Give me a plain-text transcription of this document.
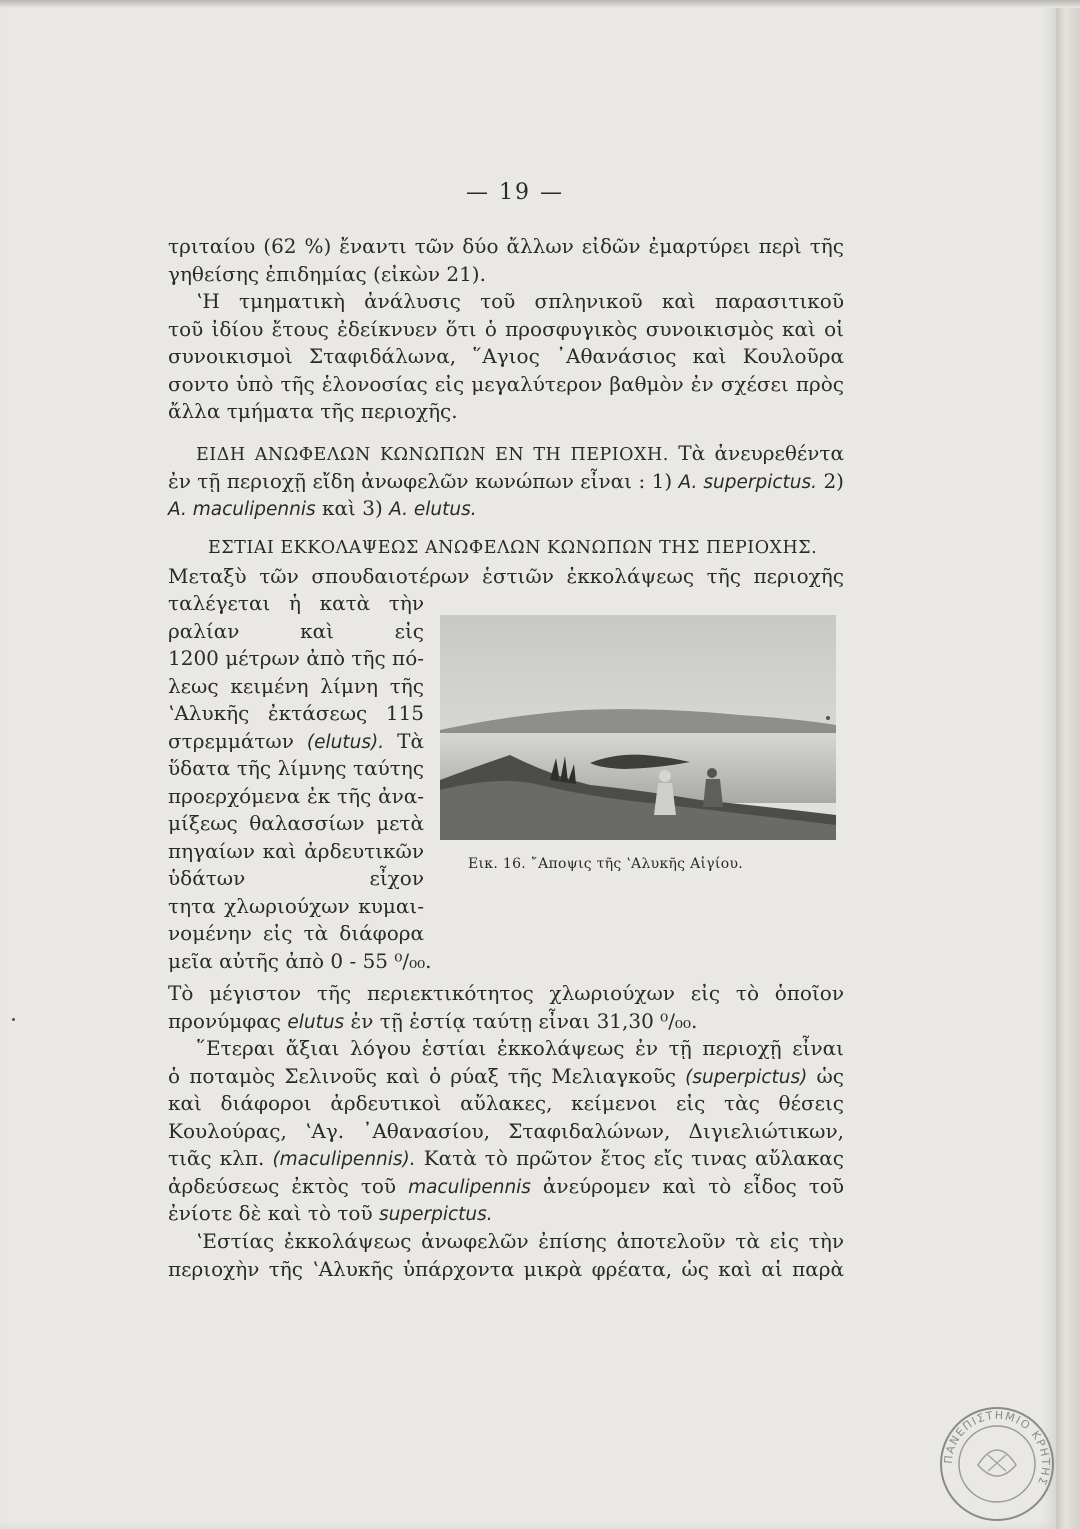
— 19 —
τριταίου (62 %) ἔναντι τῶν δύο ἄλλων εἰδῶν ἐμαρτύρει περὶ τῆς
γηθείσης ἐπιδημίας (εἰκὼν 21).
ʽΗ τμηματικὴ ἀνάλυσις τοῦ σπληνικοῦ καὶ παρασιτικοῦ
τοῦ ἰδίου ἔτους ἐδείκνυεν ὅτι ὁ προσφυγικὸς συνοικισμὸς καὶ οἱ
συνοικισμοὶ Σταφιδάλωνα, ῞Αγιος ᾿Αθανάσιος καὶ Κουλοῦρα
σοντο ὑπὸ τῆς ἑλονοσίας εἰς μεγαλύτερον βαθμὸν ἐν σχέσει πρὸς
ἄλλα τμήματα τῆς περιοχῆς.
ΕΙΔΗ ΑΝΩΦΕΛΩΝ ΚΩΝΩΠΩΝ ΕΝ ΤΗ ΠΕΡΙΟΧΗ. Τὰ ἀνευρεθέντα
ἐν τῇ περιοχῇ εἴδη ἀνωφελῶν κωνώπων εἶναι : 1) A. superpictus. 2)
A. maculipennis καὶ 3) A. elutus.
ΕΣΤΙΑΙ ΕΚΚΟΛΑΨΕΩΣ ΑΝΩΦΕΛΩΝ ΚΩΝΩΠΩΝ ΤΗΣ ΠΕΡΙΟΧΗΣ.
Μεταξὺ τῶν σπουδαιοτέρων ἑστιῶν ἐκκολάψεως τῆς περιοχῆς
ταλέγεται ἡ κατὰ τὴν
ραλίαν καὶ εἰς
1200 μέτρων ἀπὸ τῆς πό-
λεως κειμένη λίμνη τῆς
ʽΑλυκῆς ἐκτάσεως 115
στρεμμάτων (elutus). Τὰ
ὕδατα τῆς λίμνης ταύτης
προερχόμενα ἐκ τῆς ἀνα-
μίξεως θαλασσίων μετὰ
πηγαίων καὶ ἀρδευτικῶν
ὑδάτων εἶχον
τητα χλωριούχων κυμαι-
νομένην εἰς τὰ διάφορα
μεῖα αὐτῆς ἀπὸ 0 - 55 ⁰/₀₀.
Εικ. 16. ῎Αποψις τῆς ʽΑλυκῆς Αἰγίου.
Τὸ μέγιστον τῆς περιεκτικότητος χλωριούχων εἰς τὸ ὁποῖον
προνύμφας elutus ἐν τῇ ἑστίᾳ ταύτῃ εἶναι 31,30 ⁰/₀₀.
῞Ετεραι ἄξιαι λόγου ἑστίαι ἐκκολάψεως ἐν τῇ περιοχῇ εἶναι
ὁ ποταμὸς Σελινοῦς καὶ ὁ ρύαξ τῆς Μελιαγκοῦς (superpictus) ὡς
καὶ διάφοροι ἀρδευτικοὶ αὔλακες, κείμενοι εἰς τὰς θέσεις
Κουλούρας, ʽΑγ. ᾿Αθανασίου, Σταφιδαλώνων, Διγιελιώτικων,
τιᾶς κλπ. (maculipennis). Κατὰ τὸ πρῶτον ἔτος εἴς τινας αὔλακας
ἀρδεύσεως ἐκτὸς τοῦ maculipennis ἀνεύρομεν καὶ τὸ εἶδος τοῦ
ἐνίοτε δὲ καὶ τὸ τοῦ superpictus.
ʽΕστίας ἐκκολάψεως ἀνωφελῶν ἐπίσης ἀποτελοῦν τὰ εἰς τὴν
περιοχὴν τῆς ʽΑλυκῆς ὑπάρχοντα μικρὰ φρέατα, ὡς καὶ αἱ παρὰ
ΠΑΝΕΠΙΣΤΗΜΙΟ ΚΡΗΤΗΣ
